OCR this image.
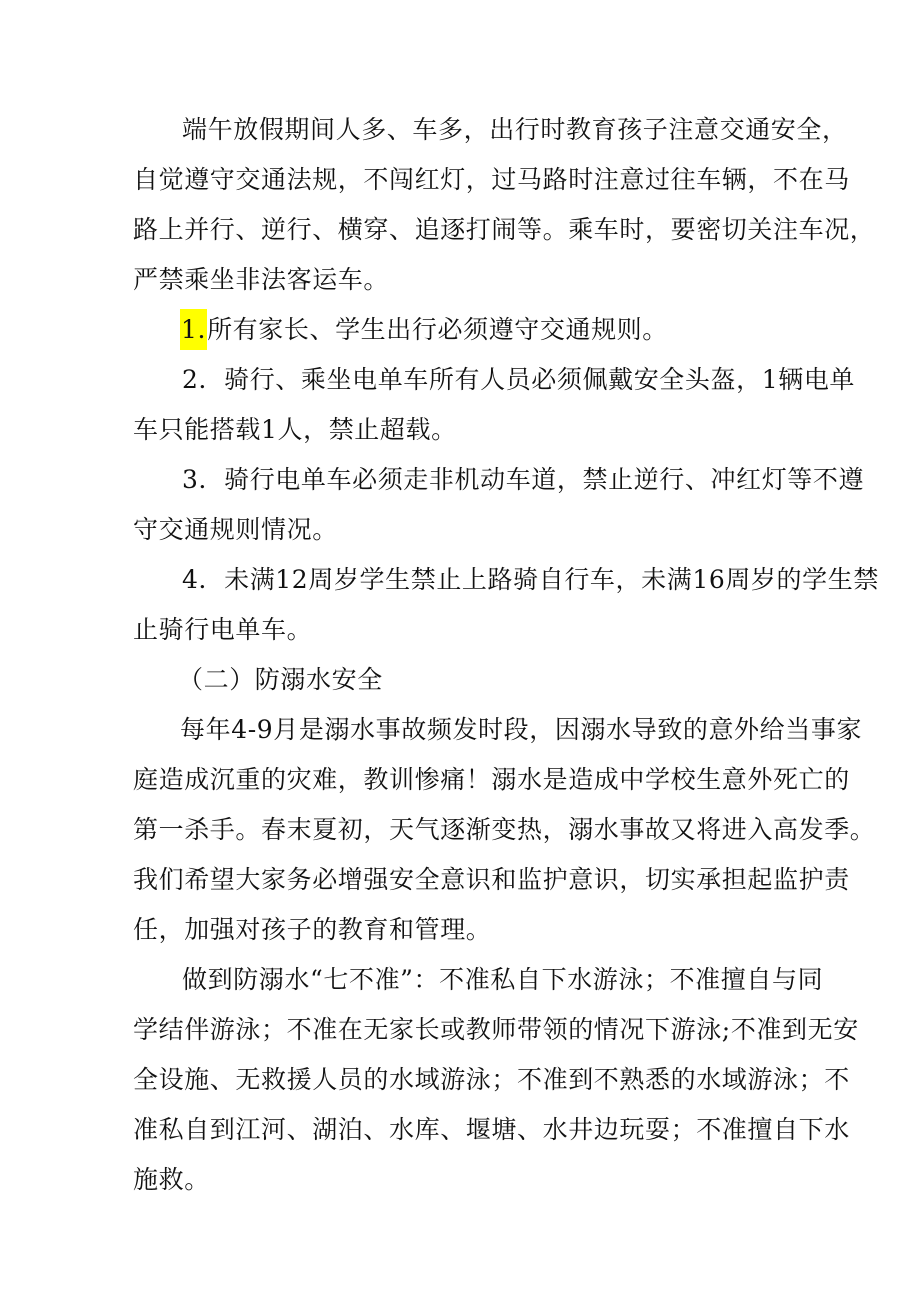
端午放假期间人多、车多，出行时教育孩子注意交通安全，
自觉遵守交通法规，不闯红灯，过马路时注意过往车辆，不在马
路上并行、逆行、横穿、追逐打闹等。乘车时，要密切关注车况，
严禁乘坐非法客运车。
1.所有家长、学生出行必须遵守交通规则。
2．骑行、乘坐电单车所有人员必须佩戴安全头盔，1辆电单
车只能搭载1人，禁止超载。
3．骑行电单车必须走非机动车道，禁止逆行、冲红灯等不遵
守交通规则情况。
4．未满12周岁学生禁止上路骑自行车，未满16周岁的学生禁
止骑行电单车。
（二）防溺水安全
每年4-9月是溺水事故频发时段，因溺水导致的意外给当事家
庭造成沉重的灾难，教训惨痛！溺水是造成中学校生意外死亡的
第一杀手。春末夏初，天气逐渐变热，溺水事故又将进入高发季。
我们希望大家务必增强安全意识和监护意识，切实承担起监护责
任，加强对孩子的教育和管理。
做到防溺水“七不准”：不准私自下水游泳；不准擅自与同
学结伴游泳；不准在无家长或教师带领的情况下游泳;不准到无安
全设施、无救援人员的水域游泳；不准到不熟悉的水域游泳；不
准私自到江河、湖泊、水库、堰塘、水井边玩耍；不准擅自下水
施救。
